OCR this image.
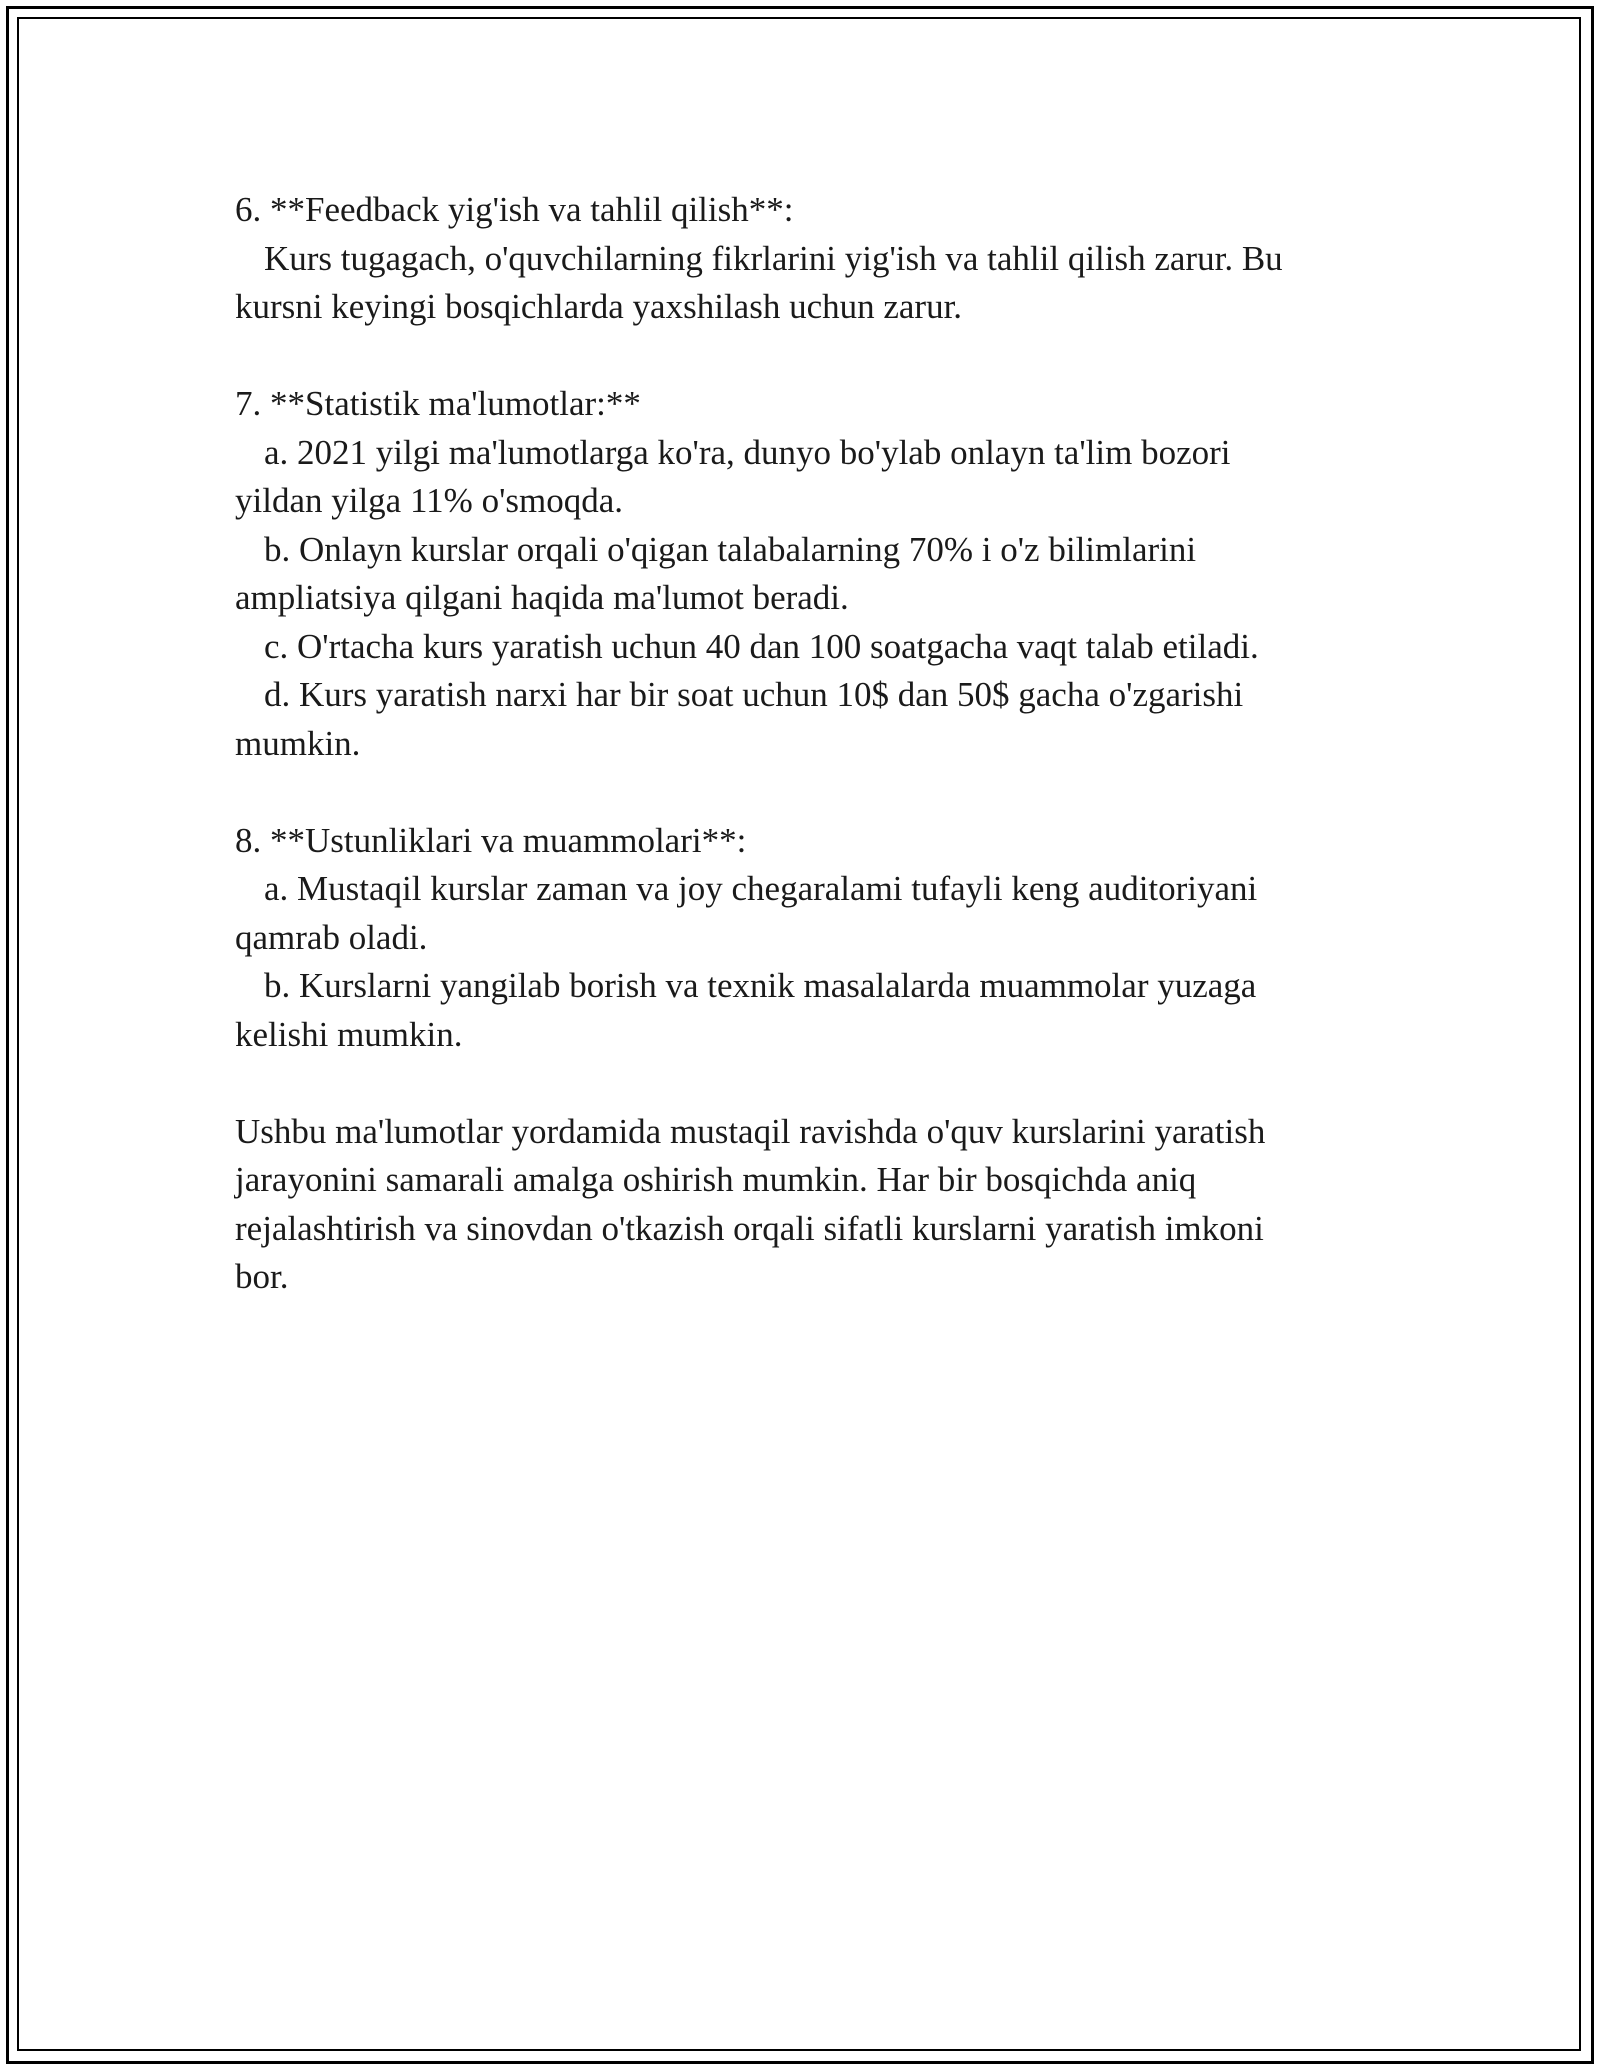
6. **Feedback yig'ish va tahlil qilish**:

Kurs tugagach, o'quvchilarning fikrlarini yig'ish va tahlil qilish zarur. Bu

kursni keyingi bosqichlarda yaxshilash uchun zarur.

7. **Statistik ma'lumotlar:**

a. 2021 yilgi ma'lumotlarga ko'ra, dunyo bo'ylab onlayn ta'lim bozori

yildan yilga 11% o'smoqda.

b. Onlayn kurslar orqali o'qigan talabalarning 70% i o'z bilimlarini

ampliatsiya qilgani haqida ma'lumot beradi.

c. O'rtacha kurs yaratish uchun 40 dan 100 soatgacha vaqt talab etiladi.

d. Kurs yaratish narxi har bir soat uchun 10$ dan 50$ gacha o'zgarishi

mumkin.

8. **Ustunliklari va muammolari**:

a. Mustaqil kurslar zaman va joy chegaralami tufayli keng auditoriyani

qamrab oladi.

b. Kurslarni yangilab borish va texnik masalalarda muammolar yuzaga

kelishi mumkin.

Ushbu ma'lumotlar yordamida mustaqil ravishda o'quv kurslarini yaratish

jarayonini samarali amalga oshirish mumkin. Har bir bosqichda aniq

rejalashtirish va sinovdan o'tkazish orqali sifatli kurslarni yaratish imkoni

bor.
